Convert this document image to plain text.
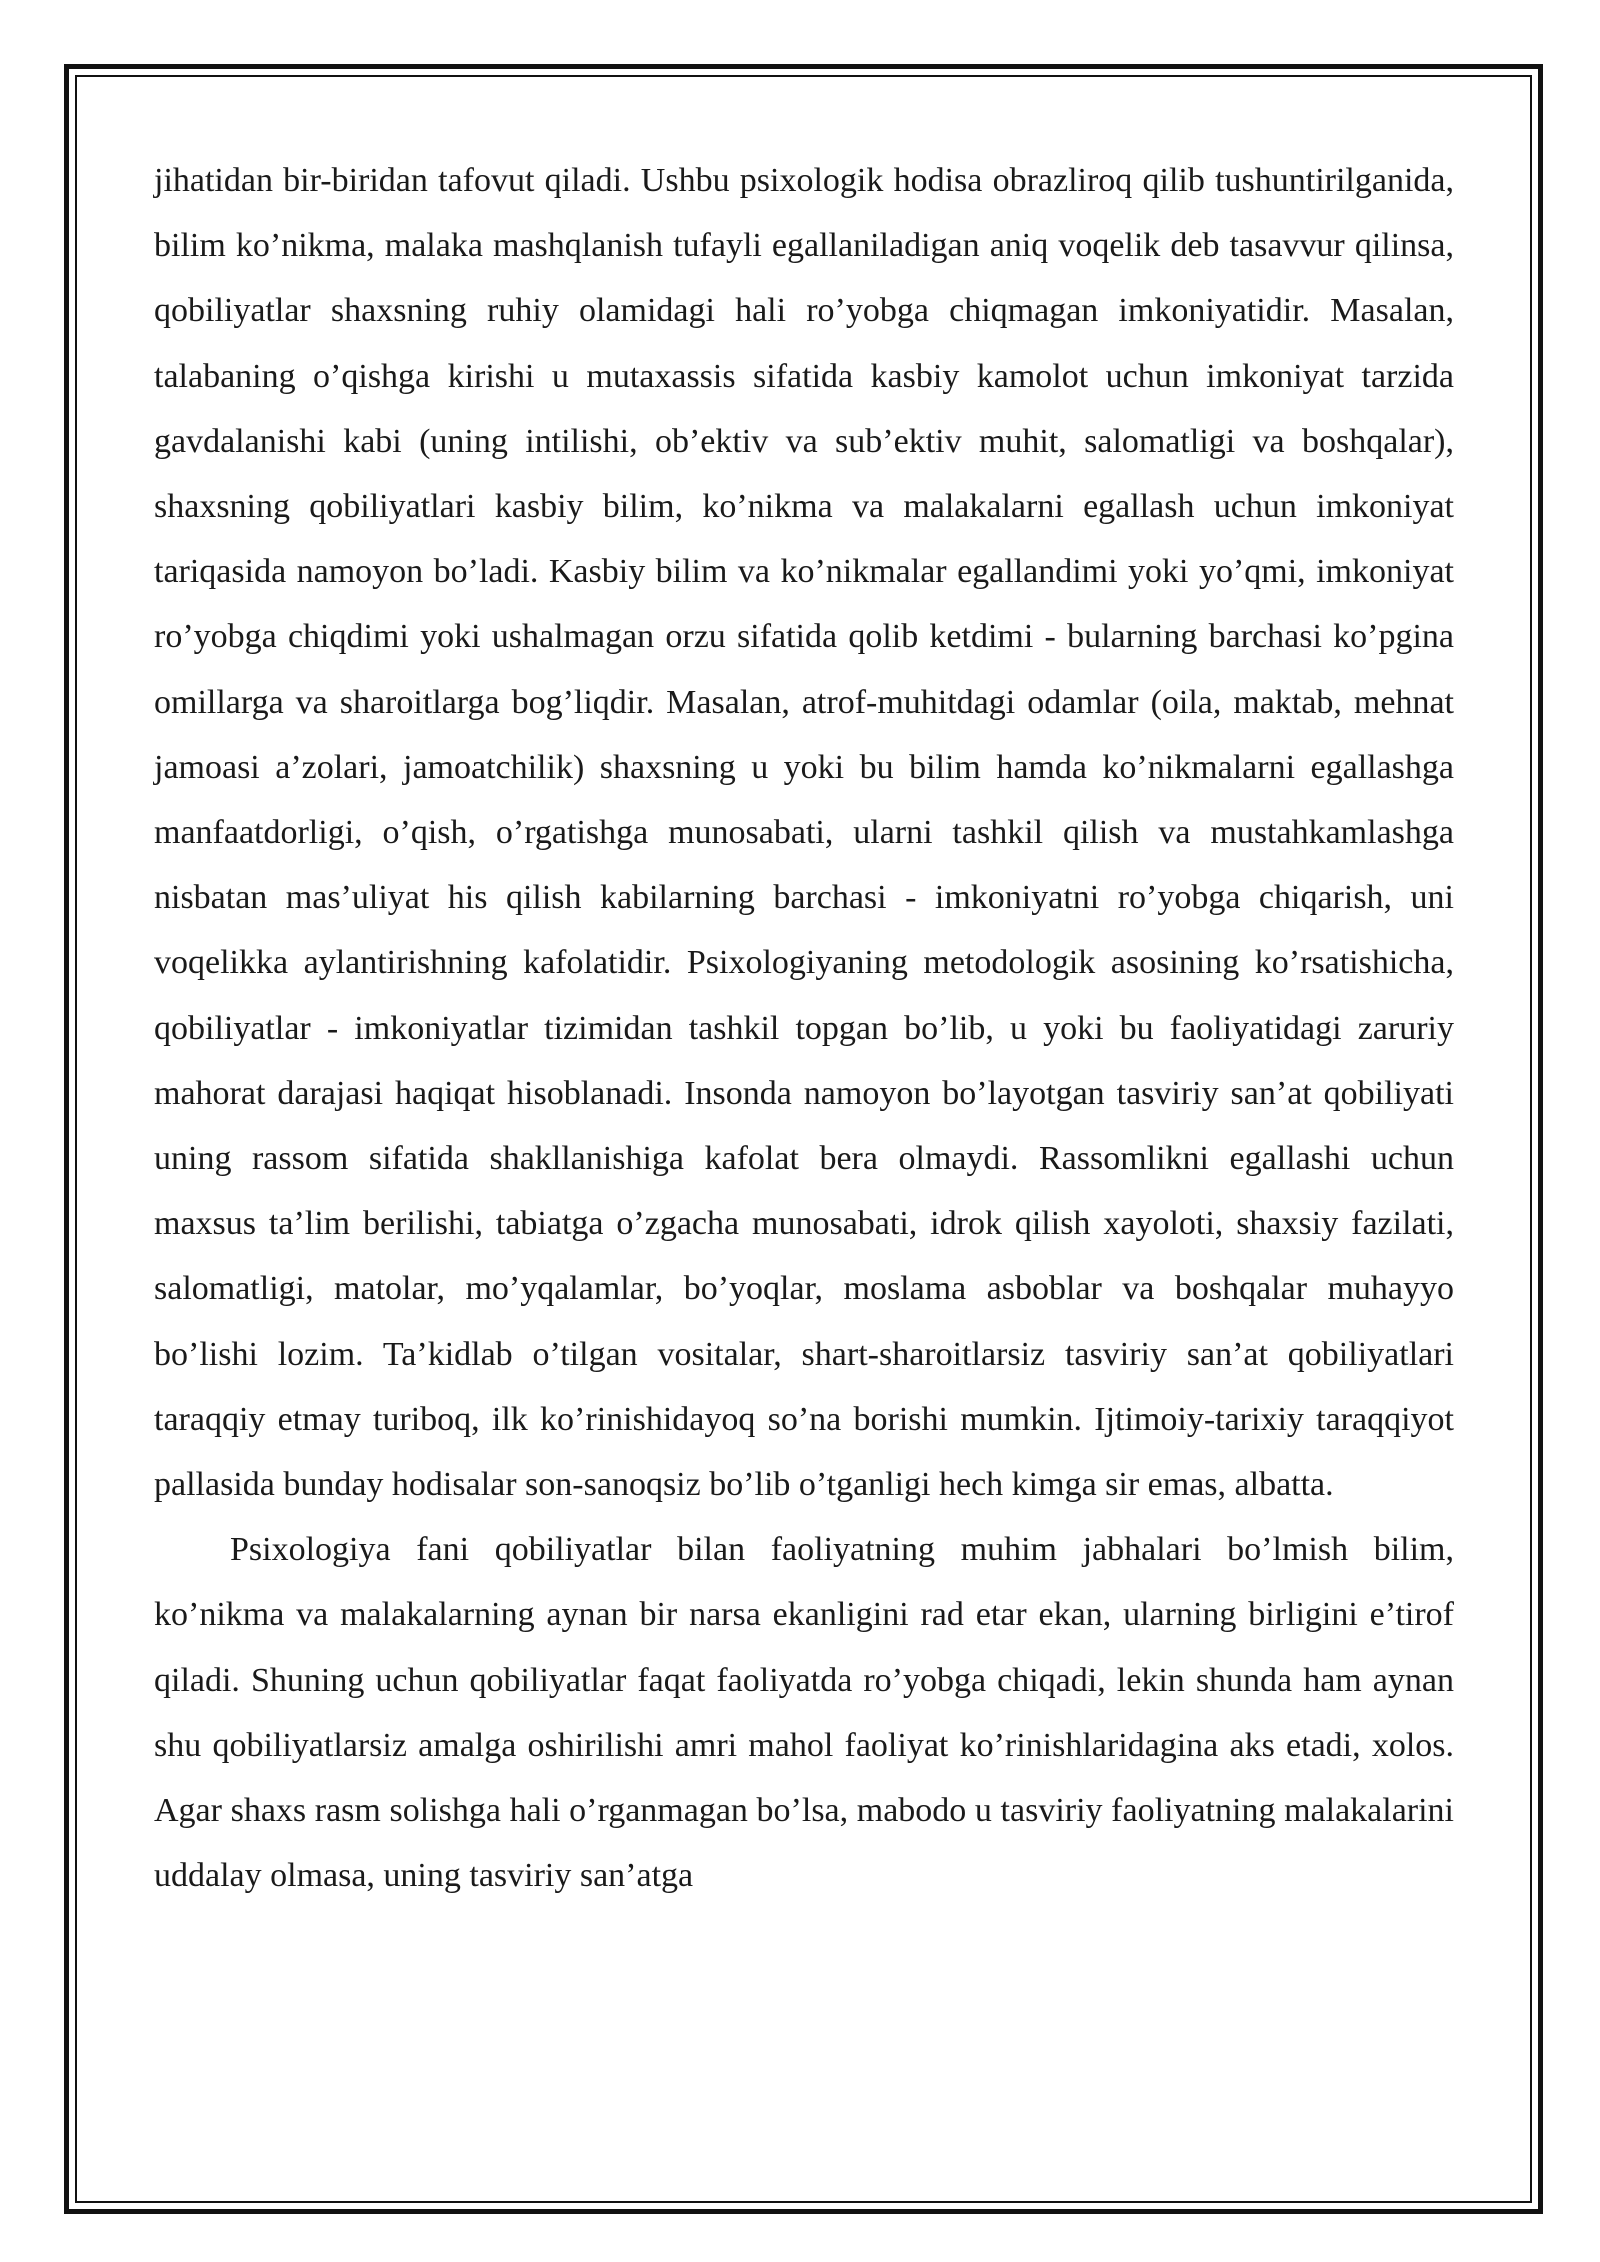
jihatidan bir-biridan tafovut qiladi. Ushbu psixologik hodisa obrazliroq qilib tushuntirilganida, bilim ko’nikma, malaka mashqlanish tufayli egallaniladigan aniq voqelik deb tasavvur qilinsa, qobiliyatlar shaxsning ruhiy olamidagi hali ro’yobga chiqmagan imkoniyatidir. Masalan, talabaning o’qishga kirishi u mutaxassis sifatida kasbiy kamolot uchun imkoniyat tarzida gavdalanishi kabi (uning intilishi, ob’ektiv va sub’ektiv muhit, salomatligi va boshqalar), shaxsning qobiliyatlari kasbiy bilim, ko’nikma va malakalarni egallash uchun imkoniyat tariqasida namoyon bo’ladi. Kasbiy bilim va ko’nikmalar egallandimi yoki yo’qmi, imkoniyat ro’yobga chiqdimi yoki ushalmagan orzu sifatida qolib ketdimi - bularning barchasi ko’pgina omillarga va sharoitlarga bog’liqdir. Masalan, atrof-muhitdagi odamlar (oila, maktab, mehnat jamoasi a’zolari, jamoatchilik) shaxsning u yoki bu bilim hamda ko’nikmalarni egallashga manfaatdorligi, o’qish, o’rgatishga munosabati, ularni tashkil qilish va mustahkamlashga nisbatan mas’uliyat his qilish kabilarning barchasi - imkoniyatni ro’yobga chiqarish, uni voqelikka aylantirishning kafolatidir. Psixologiyaning metodologik asosining ko’rsatishicha, qobiliyatlar - imkoniyatlar tizimidan tashkil topgan bo’lib, u yoki bu faoliyatidagi zaruriy mahorat darajasi haqiqat hisoblanadi. Insonda namoyon bo’layotgan tasviriy san’at qobiliyati uning rassom sifatida shakllanishiga kafolat bera olmaydi. Rassomlikni egallashi uchun maxsus ta’lim berilishi, tabiatga o’zgacha munosabati, idrok qilish xayoloti, shaxsiy fazilati, salomatligi, matolar, mo’yqalamlar, bo’yoqlar, moslama asboblar va boshqalar muhayyo bo’lishi lozim. Ta’kidlab o’tilgan vositalar, shart-sharoitlarsiz tasviriy san’at qobiliyatlari taraqqiy etmay turiboq, ilk ko’rinishidayoq so’na borishi mumkin. Ijtimoiy-tarixiy taraqqiyot pallasida bunday hodisalar son-sanoqsiz bo’lib o’tganligi hech kimga sir emas, albatta.

Psixologiya fani qobiliyatlar bilan faoliyatning muhim jabhalari bo’lmish bilim, ko’nikma va malakalarning aynan bir narsa ekanligini rad etar ekan, ularning birligini e’tirof qiladi. Shuning uchun qobiliyatlar faqat faoliyatda ro’yobga chiqadi, lekin shunda ham aynan shu qobiliyatlarsiz amalga oshirilishi amri mahol faoliyat ko’rinishlaridagina aks etadi, xolos. Agar shaxs rasm solishga hali o’rganmagan bo’lsa, mabodo u tasviriy faoliyatning malakalarini uddalay olmasa, uning tasviriy san’atga
